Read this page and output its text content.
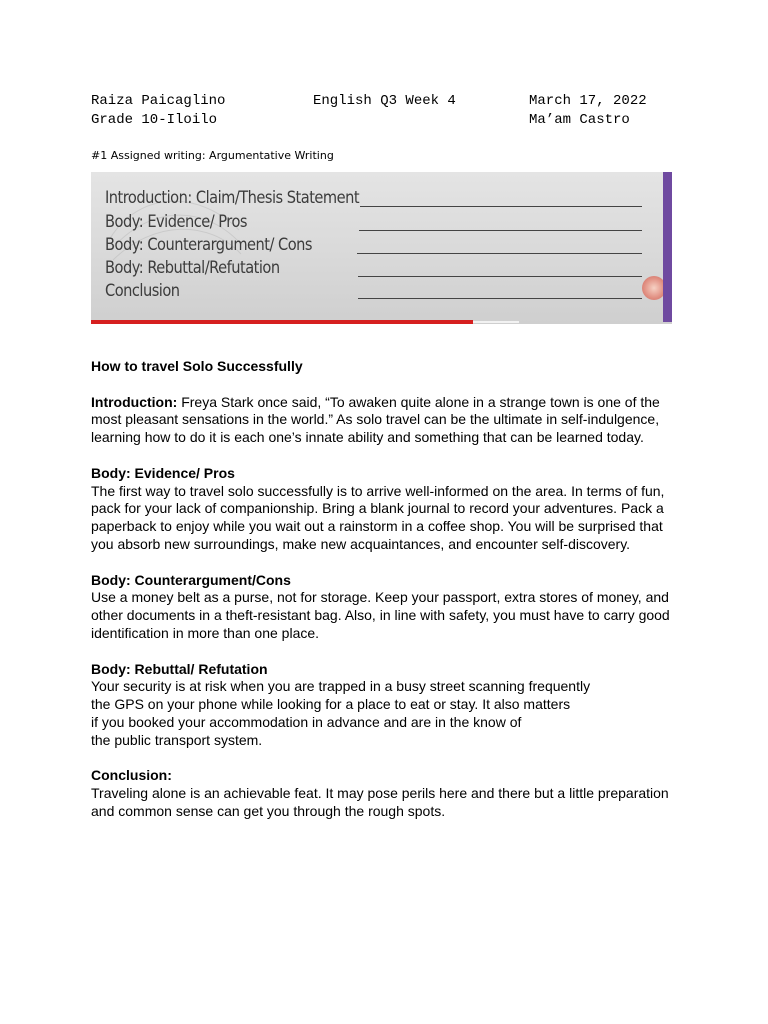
Raiza Paicaglino
Grade 10-Iloilo
English Q3 Week 4	March 17, 2022
Ma’am Castro
#1 Assigned writing: Argumentative Writing
Introduction: Claim/Thesis Statement
Body: Evidence/ Pros
Body: Counterargument/ Cons
Body: Rebuttal/Refutation
Conclusion

How to travel Solo Successfully

Introduction: Freya Stark once said, “To awaken quite alone in a strange town is one of the most pleasant sensations in the world.” As solo travel can be the ultimate in self-indulgence, learning how to do it is each one’s innate ability and something that can be learned today.

Body: Evidence/ Pros
The first way to travel solo successfully is to arrive well-informed on the area. In terms of fun, pack for your lack of companionship. Bring a blank journal to record your adventures. Pack a paperback to enjoy while you wait out a rainstorm in a coffee shop. You will be surprised that you absorb new surroundings, make new acquaintances, and encounter self-discovery.

Body: Counterargument/Cons
Use a money belt as a purse, not for storage. Keep your passport, extra stores of money, and other documents in a theft-resistant bag. Also, in line with safety, you must have to carry good identification in more than one place.

Body: Rebuttal/ Refutation
Your security is at risk when you are trapped in a busy street scanning frequently
the GPS on your phone while looking for a place to eat or stay. It also matters
if you booked your accommodation in advance and are in the know of
the public transport system.

Conclusion:
Traveling alone is an achievable feat. It may pose perils here and there but a little preparation and common sense can get you through the rough spots.
